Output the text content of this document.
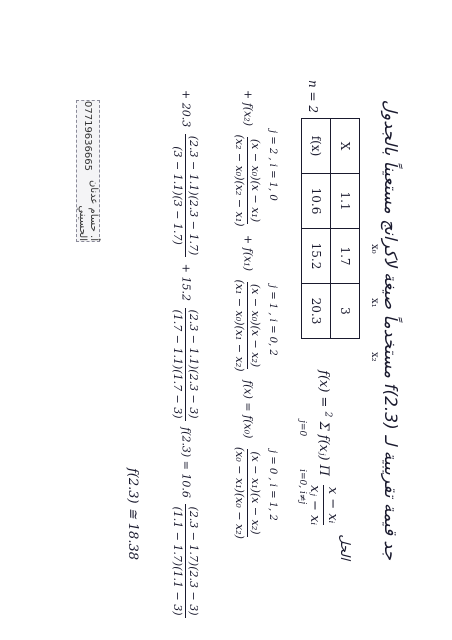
جد قيمة تقريبية لـ f(2.3) مستخدماً صيغة لاكرانج مستعيناً بالجدول
الحل
x₀
x₁
x₂
X	1.1	1.7	3
f(x)	10.6	15.2	20.3
n = 2
f(x) = $^2$ Σ f(xⱼ) Π
x − xᵢ
xⱼ − xᵢ
j=0 i=0, i≠j
j = 0 , i = 1, 2
j = 1 , i = 0, 2
j = 2 , i = 1, 0
+ f(x₂)
(x − x₀)(x − x₁)
(x₂ − x₀)(x₂ − x₁)
+ f(x₁)
(x − x₀)(x − x₂)
(x₁ − x₀)(x₁ − x₂)
f(x) = f(x₀)
(x − x₁)(x − x₂)
(x₀ − x₁)(x₀ − x₂)
+ 20.3
(2.3 − 1.1)(2.3 − 1.7)
(3 − 1.1)(3 − 1.7)
+ 15.2
(2.3 − 1.1)(2.3 − 3)
(1.7 − 1.1)(1.7 − 3)
f(2.3) = 10.6
(2.3 − 1.7)(2.3 − 3)
(1.1 − 1.7)(1.1 − 3)
f(2.3) ≅ 18.38
07719636665
أ. حسام عدنان الحسيني
